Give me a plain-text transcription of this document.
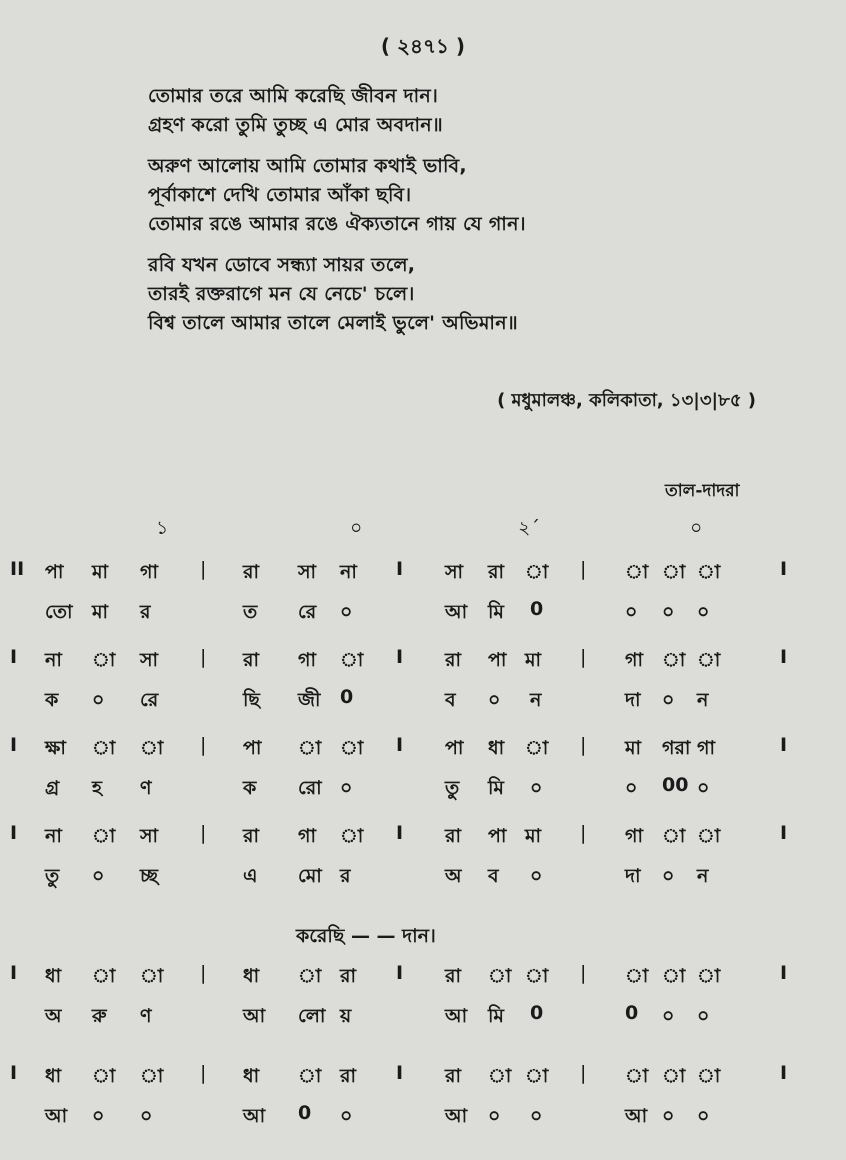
( ২৪৭১ )
তোমার তরে আমি করেছি জীবন দান।
গ্রহণ করো তুমি তুচ্ছ এ মোর অবদান॥
অরুণ আলোয় আমি তোমার কথাই ভাবি,
পূর্বাকাশে দেখি তোমার আঁকা ছবি।
তোমার রঙে আমার রঙে ঐক্যতানে গায় যে গান।
রবি যখন ডোবে সন্ধ্যা সায়র তলে,
তারই রক্তরাগে মন যে নেচে' চলে।
বিশ্ব তালে আমার তালে মেলাই ভুলে' অভিমান॥
( মধুমালঞ্চ, কলিকাতা, ১৩|৩|৮৫ )
তাল-দাদরা
১	০	২´	০
II পা মা গা | রা সা না I সা রা া | া া া	I
তো মা র	ত রে ০	আ মি 0	০ ০ ০
I না া সা | রা গা া I রা পা মা | গা া া	I
ক ০ রে	ছি জী 0	ব ০ ন	দা ০ ন
I ক্ষা া া | পা া া I পা ধা া | মা গরা গা	I
গ্র হ ণ	ক রো ০	তু মি ০	০ 00 ০
I না া সা | রা গা া I রা পা মা | গা া া	I
তু ০ চ্ছ	এ মো র	অ ব ০	দা ০ ন
I ধা া া | ধা া রা I রা া া | া া া	I
অ রু ণ	আ লো য়	আ মি 0	0 ০ ০
I ধা া া | ধা া রা I রা া া | া া া	I
আ ০ ০	আ 0 ০	আ ০ ০	আ ০ ০
করেছি — — দান।
